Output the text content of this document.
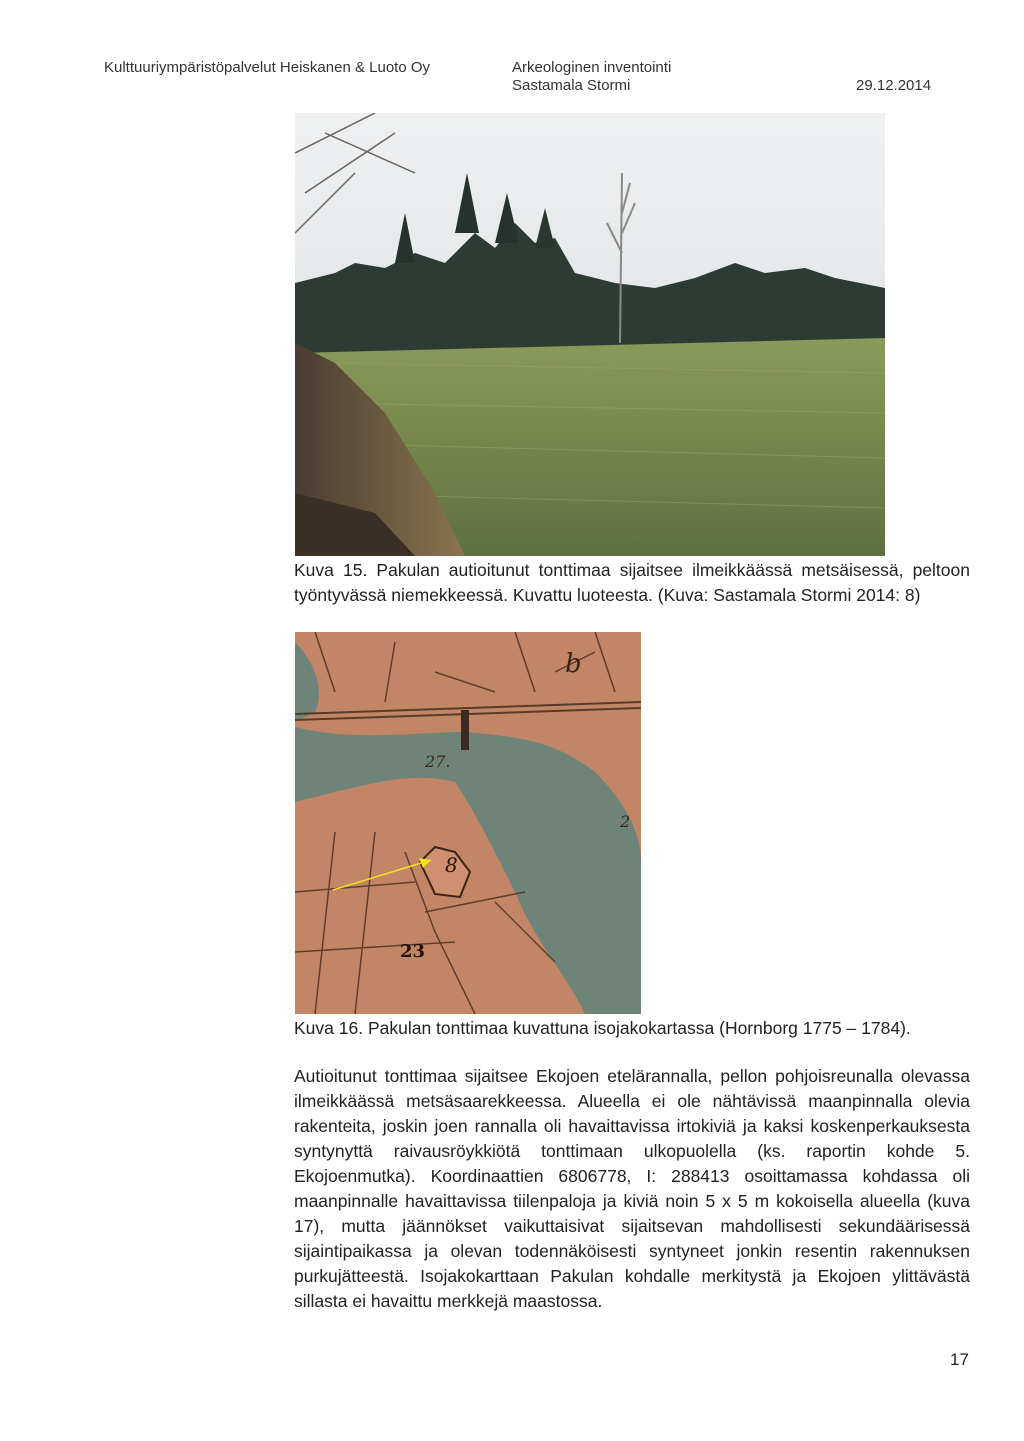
Kulttuuriympäristöpalvelut Heiskanen & Luoto Oy	Arkeologinen inventointi
Sastamala Stormi	29.12.2014
Kuva 15. Pakulan autioitunut tonttimaa sijaitsee ilmeikkäässä metsäisessä, peltoon työntyvässä niemekkeessä. Kuvattu luoteesta. (Kuva: Sastamala Stormi 2014: 8)
27.
8
b
2
23
Kuva 16. Pakulan tonttimaa kuvattuna isojakokartassa (Hornborg 1775 – 1784).
Autioitunut tonttimaa sijaitsee Ekojoen etelärannalla, pellon pohjoisreunalla olevassa ilmeikkäässä metsäsaarekkeessa. Alueella ei ole nähtävissä maanpinnalla olevia rakenteita, joskin joen rannalla oli havaittavissa irtokiviä ja kaksi koskenperkauksesta syntynyttä raivausröykkiötä tonttimaan ulkopuolella (ks. raportin kohde 5. Ekojoenmutka). Koordinaattien 6806778, I: 288413 osoittamassa kohdassa oli maanpinnalle havaittavissa tiilenpaloja ja kiviä noin 5 x 5 m kokoisella alueella (kuva 17), mutta jäännökset vaikuttaisivat sijaitsevan mahdollisesti sekundäärisessä sijaintipaikassa ja olevan todennäköisesti syntyneet jonkin resentin rakennuksen purkujätteestä. Isojakokarttaan Pakulan kohdalle merkitystä ja Ekojoen ylittävästä sillasta ei havaittu merkkejä maastossa.
17
